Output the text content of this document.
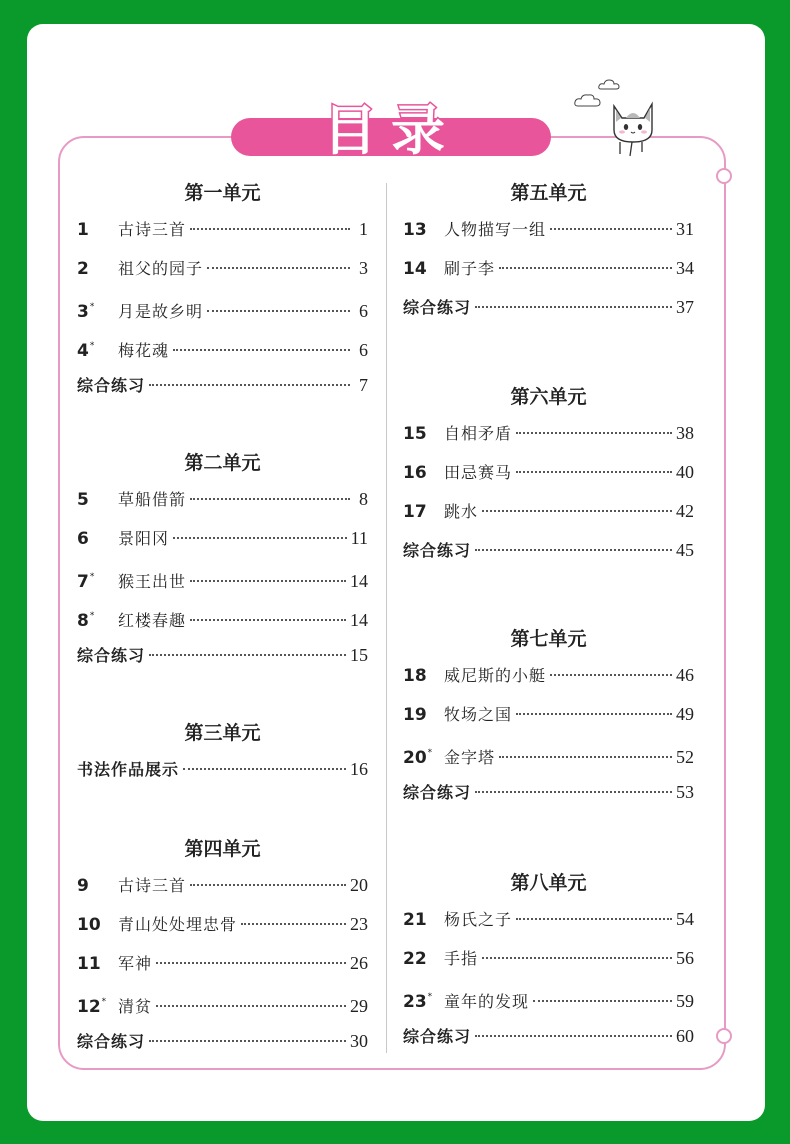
目录
第一单元
1	古诗三首	1
2	祖父的园子	3
3*	月是故乡明	6
4*	梅花魂	6
综合练习	7
第二单元
5	草船借箭	8
6	景阳冈	11
7*	猴王出世	14
8*	红楼春趣	14
综合练习	15
第三单元
书法作品展示	16
第四单元
9	古诗三首	20
10	青山处处埋忠骨	23
11	军神	26
12* 清贫	29
综合练习	30
第五单元
13	人物描写一组	31
14	刷子李	34
综合练习	37
第六单元
15	自相矛盾	38
16	田忌赛马	40
17	跳水	42
综合练习	45
第七单元
18	威尼斯的小艇	46
19	牧场之国	49
20* 金字塔	52
综合练习	53
第八单元
21	杨氏之子	54
22	手指	56
23* 童年的发现	59
综合练习	60
